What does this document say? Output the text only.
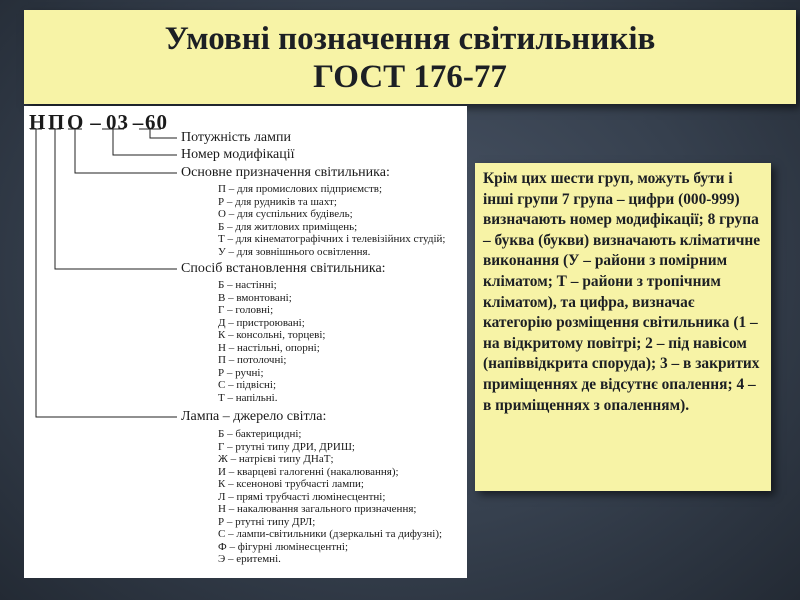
Умовні позначення світильників
ГОСТ 176-77
НПО – 03 –60
Потужність лампи
Номер модифікації
Основне призначення світильника:
П – для промислових підприємств;
Р – для рудників та шахт;
О – для суспільних будівель;
Б – для житлових приміщень;
Т – для кінематографічних і телевізійних студій;
У – для зовнішнього освітлення.
Спосіб встановлення світильника:
Б – настінні;
В – вмонтовані;
Г – головні;
Д – пристроювані;
К – консольні, торцеві;
Н – настільні, опорні;
П – потолочні;
Р – ручні;
С – підвісні;
Т – напільні.
Лампа – джерело світла:
Б – бактерицидні;
Г – ртутні типу ДРИ, ДРИШ;
Ж – натрієві типу ДНаТ;
И – кварцеві галогенні (накалювання);
К – ксенонові трубчасті лампи;
Л – прямі трубчасті люмінесцентні;
Н – накалювання загального призначення;
Р – ртутні типу ДРЛ;
С – лампи-світильники (дзеркальні та дифузні);
Ф – фігурні люмінесцентні;
Э – еритемні.
Крім цих шести груп, можуть бути і інші групи 7 група – цифри (000-999) визначають номер модифікації; 8 група – буква (букви) визначають кліматичне виконання (У – райони з помірним кліматом; Т – райони з тропічним кліматом), та цифра, визначає категорію розміщення світильника (1 – на відкритому повітрі; 2 – під навісом (напіввідкрита споруда); 3 – в закритих приміщеннях де відсутнє опалення; 4 – в приміщеннях з опаленням).
